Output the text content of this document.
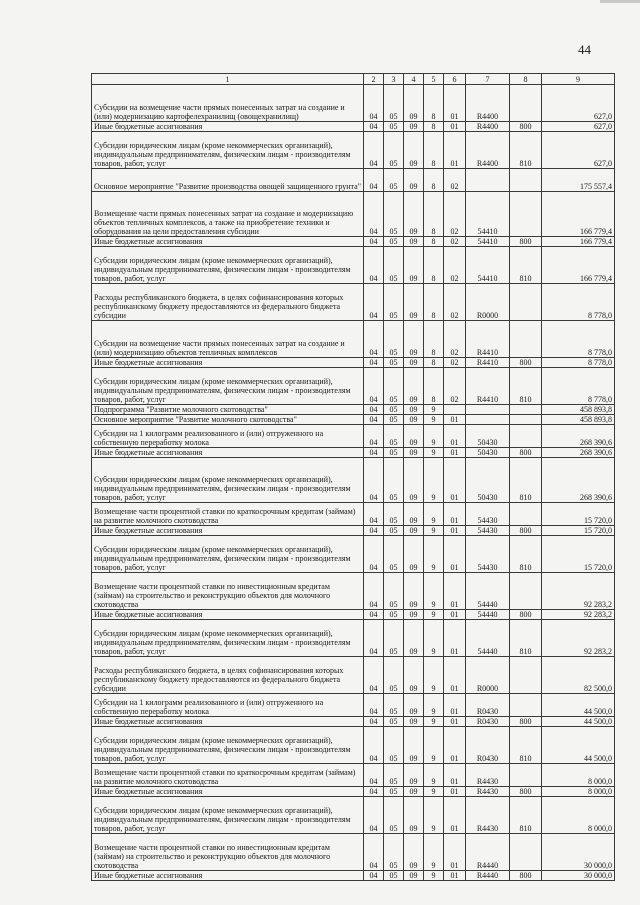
44
1	2	3	4	5	6	7	8	9
Субсидии на возмещение части прямых понесенных затрат на создание и (или) модернизацию картофелехранилищ (овощехранилищ)	04	05	09	8	01	R4400		627,0
Иные бюджетные ассигнования	04	05	09	8	01	R4400	800	627,0
Субсидии юридическим лицам (кроме некоммерческих организаций), индивидуальным предпринимателям, физическим лицам - производителям товаров, работ, услуг	04	05	09	8	01	R4400	810	627,0
Основное мероприятие "Развитие производства овощей защищенного грунта"	04	05	09	8	02			175 557,4
Возмещение части прямых понесенных затрат на создание и модернизацию объектов тепличных комплексов, а также на приобретение техники и оборудования на цели предоставления субсидии	04	05	09	8	02	54410		166 779,4
Иные бюджетные ассигнования	04	05	09	8	02	54410	800	166 779,4
Субсидии юридическим лицам (кроме некоммерческих организаций), индивидуальным предпринимателям, физическим лицам - производителям товаров, работ, услуг	04	05	09	8	02	54410	810	166 779,4
Расходы республиканского бюджета, в целях софинансирования которых республиканскому бюджету предоставляются из федерального бюджета субсидии	04	05	09	8	02	R0000		8 778,0
Субсидии на возмещение части прямых понесенных затрат на создание и (или) модернизацию объектов тепличных комплексов	04	05	09	8	02	R4410		8 778,0
Иные бюджетные ассигнования	04	05	09	8	02	R4410	800	8 778,0
Субсидии юридическим лицам (кроме некоммерческих организаций), индивидуальным предпринимателям, физическим лицам - производителям товаров, работ, услуг	04	05	09	8	02	R4410	810	8 778,0
Подпрограмма "Развитие молочного скотоводства"	04	05	09	9				458 893,8
Основное мероприятие "Развитие молочного скотоводства"	04	05	09	9	01			458 893,8
Субсидии на 1 килограмм реализованного и (или) отгруженного на собственную переработку молока	04	05	09	9	01	50430		268 390,6
Иные бюджетные ассигнования	04	05	09	9	01	50430	800	268 390,6
Субсидии юридическим лицам (кроме некоммерческих организаций), индивидуальным предпринимателям, физическим лицам - производителям товаров, работ, услуг	04	05	09	9	01	50430	810	268 390,6
Возмещение части процентной ставки по краткосрочным кредитам (займам) на развитие молочного скотоводства	04	05	09	9	01	54430		15 720,0
Иные бюджетные ассигнования	04	05	09	9	01	54430	800	15 720,0
Субсидии юридическим лицам (кроме некоммерческих организаций), индивидуальным предпринимателям, физическим лицам - производителям товаров, работ, услуг	04	05	09	9	01	54430	810	15 720,0
Возмещение части процентной ставки по инвестиционным кредитам (займам) на строительство и реконструкцию объектов для молочного скотоводства	04	05	09	9	01	54440		92 283,2
Иные бюджетные ассигнования	04	05	09	9	01	54440	800	92 283,2
Субсидии юридическим лицам (кроме некоммерческих организаций), индивидуальным предпринимателям, физическим лицам - производителям товаров, работ, услуг	04	05	09	9	01	54440	810	92 283,2
Расходы республиканского бюджета, в целях софинансирования которых республиканскому бюджету предоставляются из федерального бюджета субсидии	04	05	09	9	01	R0000		82 500,0
Субсидии на 1 килограмм реализованного и (или) отгруженного на собственную переработку молока	04	05	09	9	01	R0430		44 500,0
Иные бюджетные ассигнования	04	05	09	9	01	R0430	800	44 500,0
Субсидии юридическим лицам (кроме некоммерческих организаций), индивидуальным предпринимателям, физическим лицам - производителям товаров, работ, услуг	04	05	09	9	01	R0430	810	44 500,0
Возмещение части процентной ставки по краткосрочным кредитам (займам) на развитие молочного скотоводства	04	05	09	9	01	R4430		8 000,0
Иные бюджетные ассигнования	04	05	09	9	01	R4430	800	8 000,0
Субсидии юридическим лицам (кроме некоммерческих организаций), индивидуальным предпринимателям, физическим лицам - производителям товаров, работ, услуг	04	05	09	9	01	R4430	810	8 000,0
Возмещение части процентной ставки по инвестиционным кредитам (займам) на строительство и реконструкцию объектов для молочного скотоводства	04	05	09	9	01	R4440		30 000,0
Иные бюджетные ассигнования	04	05	09	9	01	R4440	800	30 000,0
